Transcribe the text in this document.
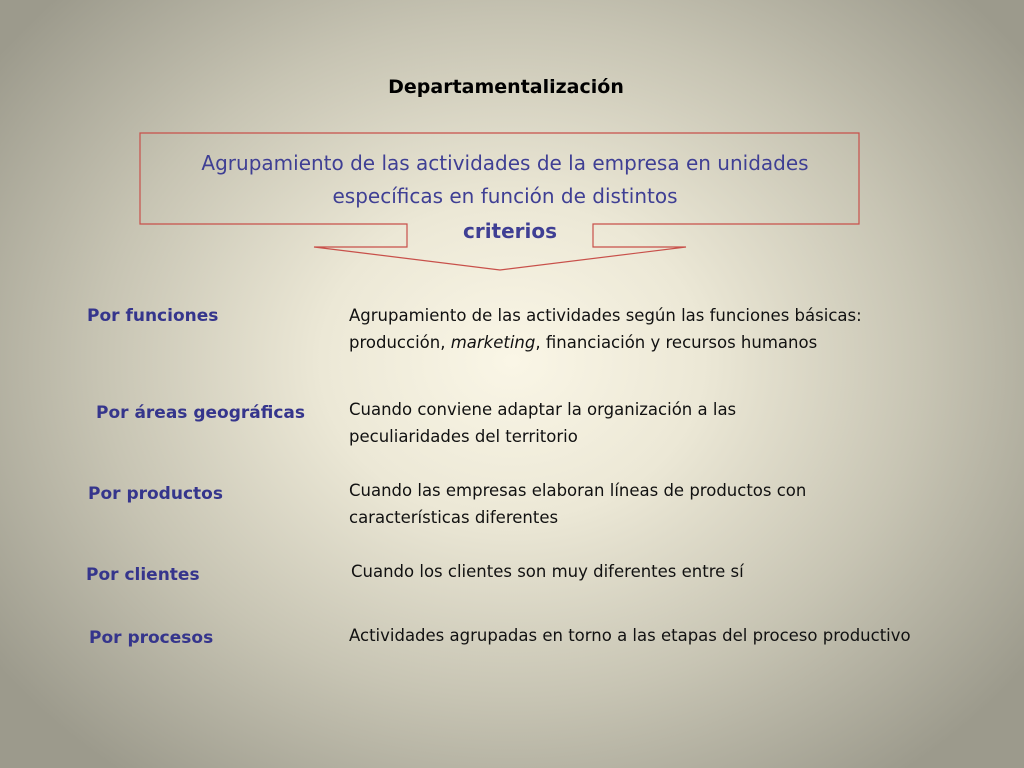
Departamentalización
Agrupamiento de las actividades de la empresa en unidades
específicas en función de distintos
criterios
Por funciones	Agrupamiento de las actividades según las funciones básicas:
producción, marketing, financiación y recursos humanos
Por áreas geográficas	Cuando conviene adaptar la organización a las
peculiaridades del territorio
Por productos	Cuando las empresas elaboran líneas de productos con
características diferentes
Por clientes	Cuando los clientes son muy diferentes entre sí
Por procesos	Actividades agrupadas en torno a las etapas del proceso productivo
